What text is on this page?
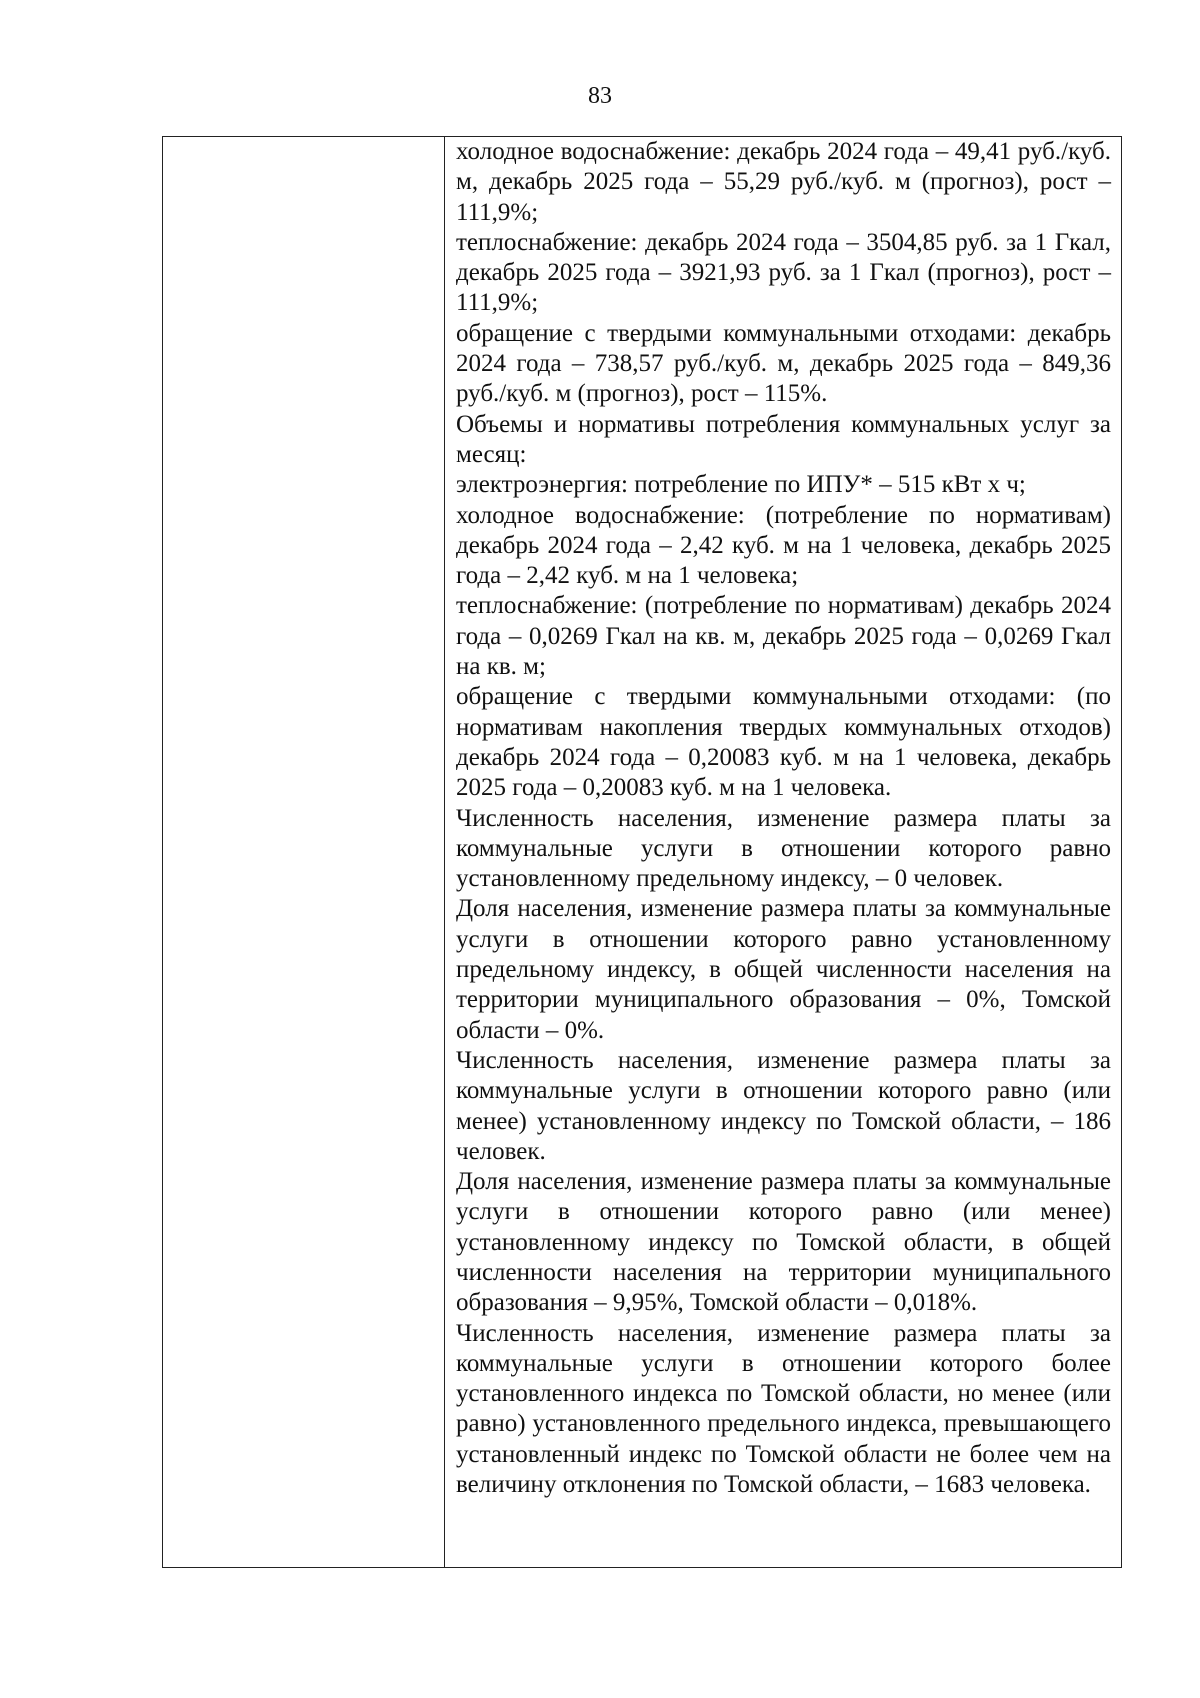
83

холодное водоснабжение: декабрь 2024 года – 49,41 руб./куб. м, декабрь 2025 года – 55,29 руб./куб. м (прогноз), рост – 111,9%;

теплоснабжение: декабрь 2024 года – 3504,85 руб. за 1 Гкал, декабрь 2025 года – 3921,93 руб. за 1 Гкал (прогноз), рост – 111,9%;

обращение с твердыми коммунальными отходами: декабрь 2024 года – 738,57 руб./куб. м, декабрь 2025 года – 849,36 руб./куб. м (прогноз), рост – 115%.

Объемы и нормативы потребления коммунальных услуг за месяц:

электроэнергия: потребление по ИПУ* – 515 кВт х ч;

холодное водоснабжение: (потребление по нормативам) декабрь 2024 года – 2,42 куб. м на 1 человека, декабрь 2025 года – 2,42 куб. м на 1 человека;

теплоснабжение: (потребление по нормативам) декабрь 2024 года – 0,0269 Гкал на кв. м, декабрь 2025 года – 0,0269 Гкал на кв. м;

обращение с твердыми коммунальными отходами: (по нормативам накопления твердых коммунальных отходов) декабрь 2024 года – 0,20083 куб. м на 1 человека, декабрь 2025 года – 0,20083 куб. м на 1 человека.

Численность населения, изменение размера платы за коммунальные услуги в отношении которого равно установленному предельному индексу, – 0 человек.

Доля населения, изменение размера платы за коммунальные услуги в отношении которого равно установленному предельному индексу, в общей численности населения на территории муниципального образования – 0%, Томской области – 0%.

Численность населения, изменение размера платы за коммунальные услуги в отношении которого равно (или менее) установленному индексу по Томской области, – 186 человек.

Доля населения, изменение размера платы за коммунальные услуги в отношении которого равно (или менее) установленному индексу по Томской области, в общей численности населения на территории муниципального образования – 9,95%, Томской области – 0,018%.

Численность населения, изменение размера платы за коммунальные услуги в отношении которого более установленного индекса по Томской области, но менее (или равно) установленного предельного индекса, превышающего установленный индекс по Томской области не более чем на величину отклонения по Томской области, – 1683 человека.
